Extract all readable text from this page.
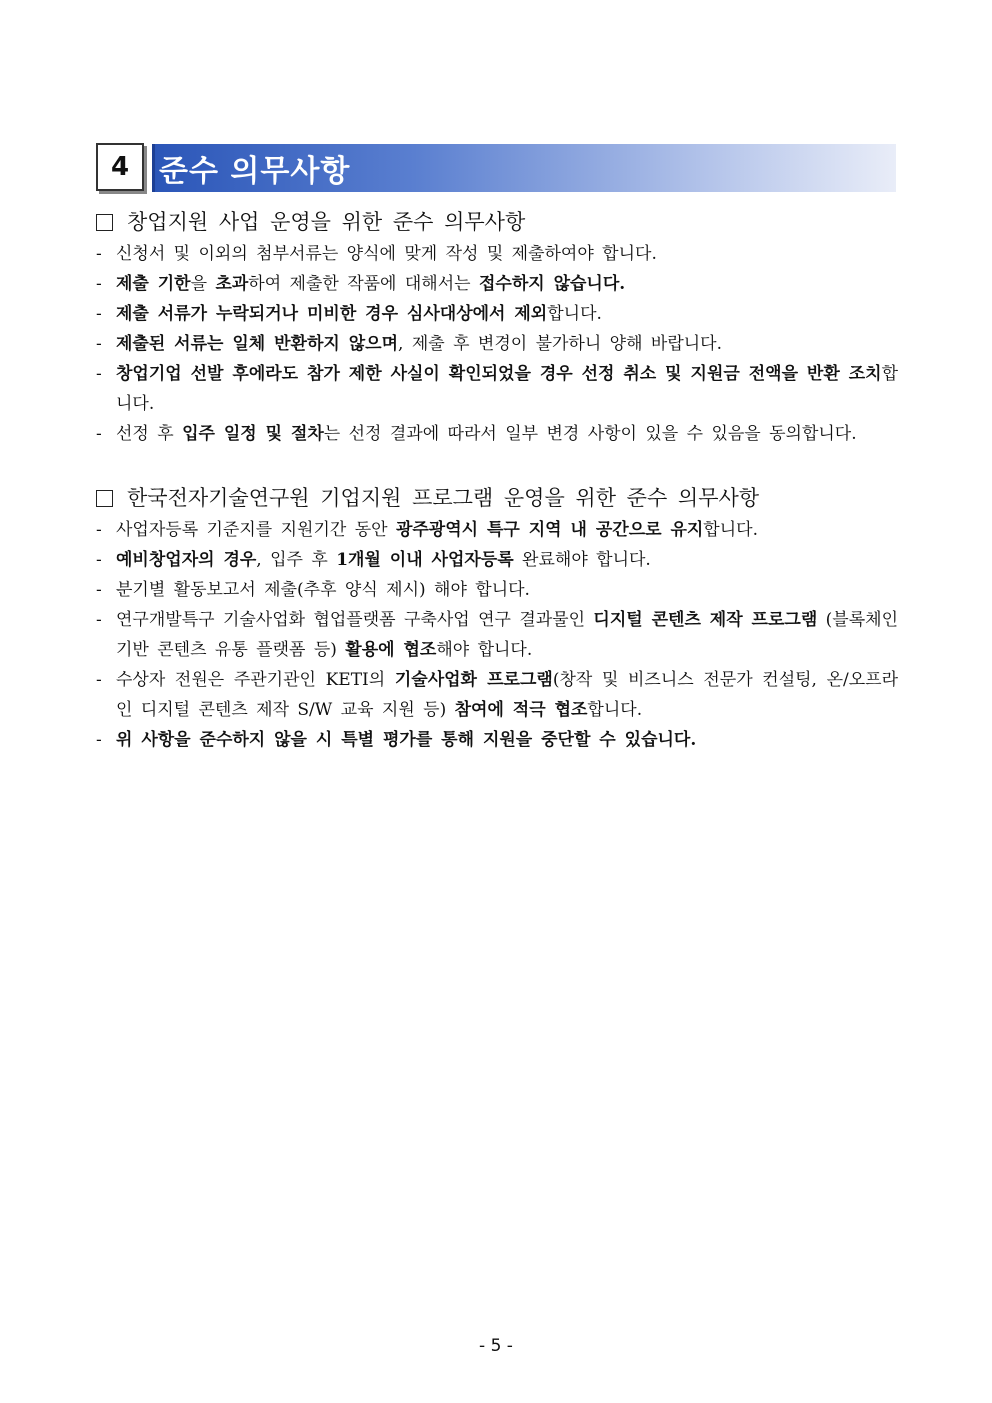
4 준수 의무사항
창업지원 사업 운영을 위한 준수 의무사항
- 신청서 및 이외의 첨부서류는 양식에 맞게 작성 및 제출하여야 합니다.
- 제출 기한을 초과하여 제출한 작품에 대해서는 접수하지 않습니다.
- 제출 서류가 누락되거나 미비한 경우 심사대상에서 제외합니다.
- 제출된 서류는 일체 반환하지 않으며, 제출 후 변경이 불가하니 양해 바랍니다.
- 창업기업 선발 후에라도 참가 제한 사실이 확인되었을 경우 선정 취소 및 지원금 전액을 반환 조치합니다.
- 선정 후 입주 일정 및 절차는 선정 결과에 따라서 일부 변경 사항이 있을 수 있음을 동의합니다.
한국전자기술연구원 기업지원 프로그램 운영을 위한 준수 의무사항
- 사업자등록 기준지를 지원기간 동안 광주광역시 특구 지역 내 공간으로 유지합니다.
- 예비창업자의 경우, 입주 후 1개월 이내 사업자등록 완료해야 합니다.
- 분기별 활동보고서 제출(추후 양식 제시) 해야 합니다.
- 연구개발특구 기술사업화 협업플랫폼 구축사업 연구 결과물인 디지털 콘텐츠 제작 프로그램 (블록체인 기반 콘텐츠 유통 플랫폼 등) 활용에 협조해야 합니다.
- 수상자 전원은 주관기관인 KETI의 기술사업화 프로그램(창작 및 비즈니스 전문가 컨설팅, 온/오프라인 디지털 콘텐츠 제작 S/W 교육 지원 등) 참여에 적극 협조합니다.
- 위 사항을 준수하지 않을 시 특별 평가를 통해 지원을 중단할 수 있습니다.
- 5 -
